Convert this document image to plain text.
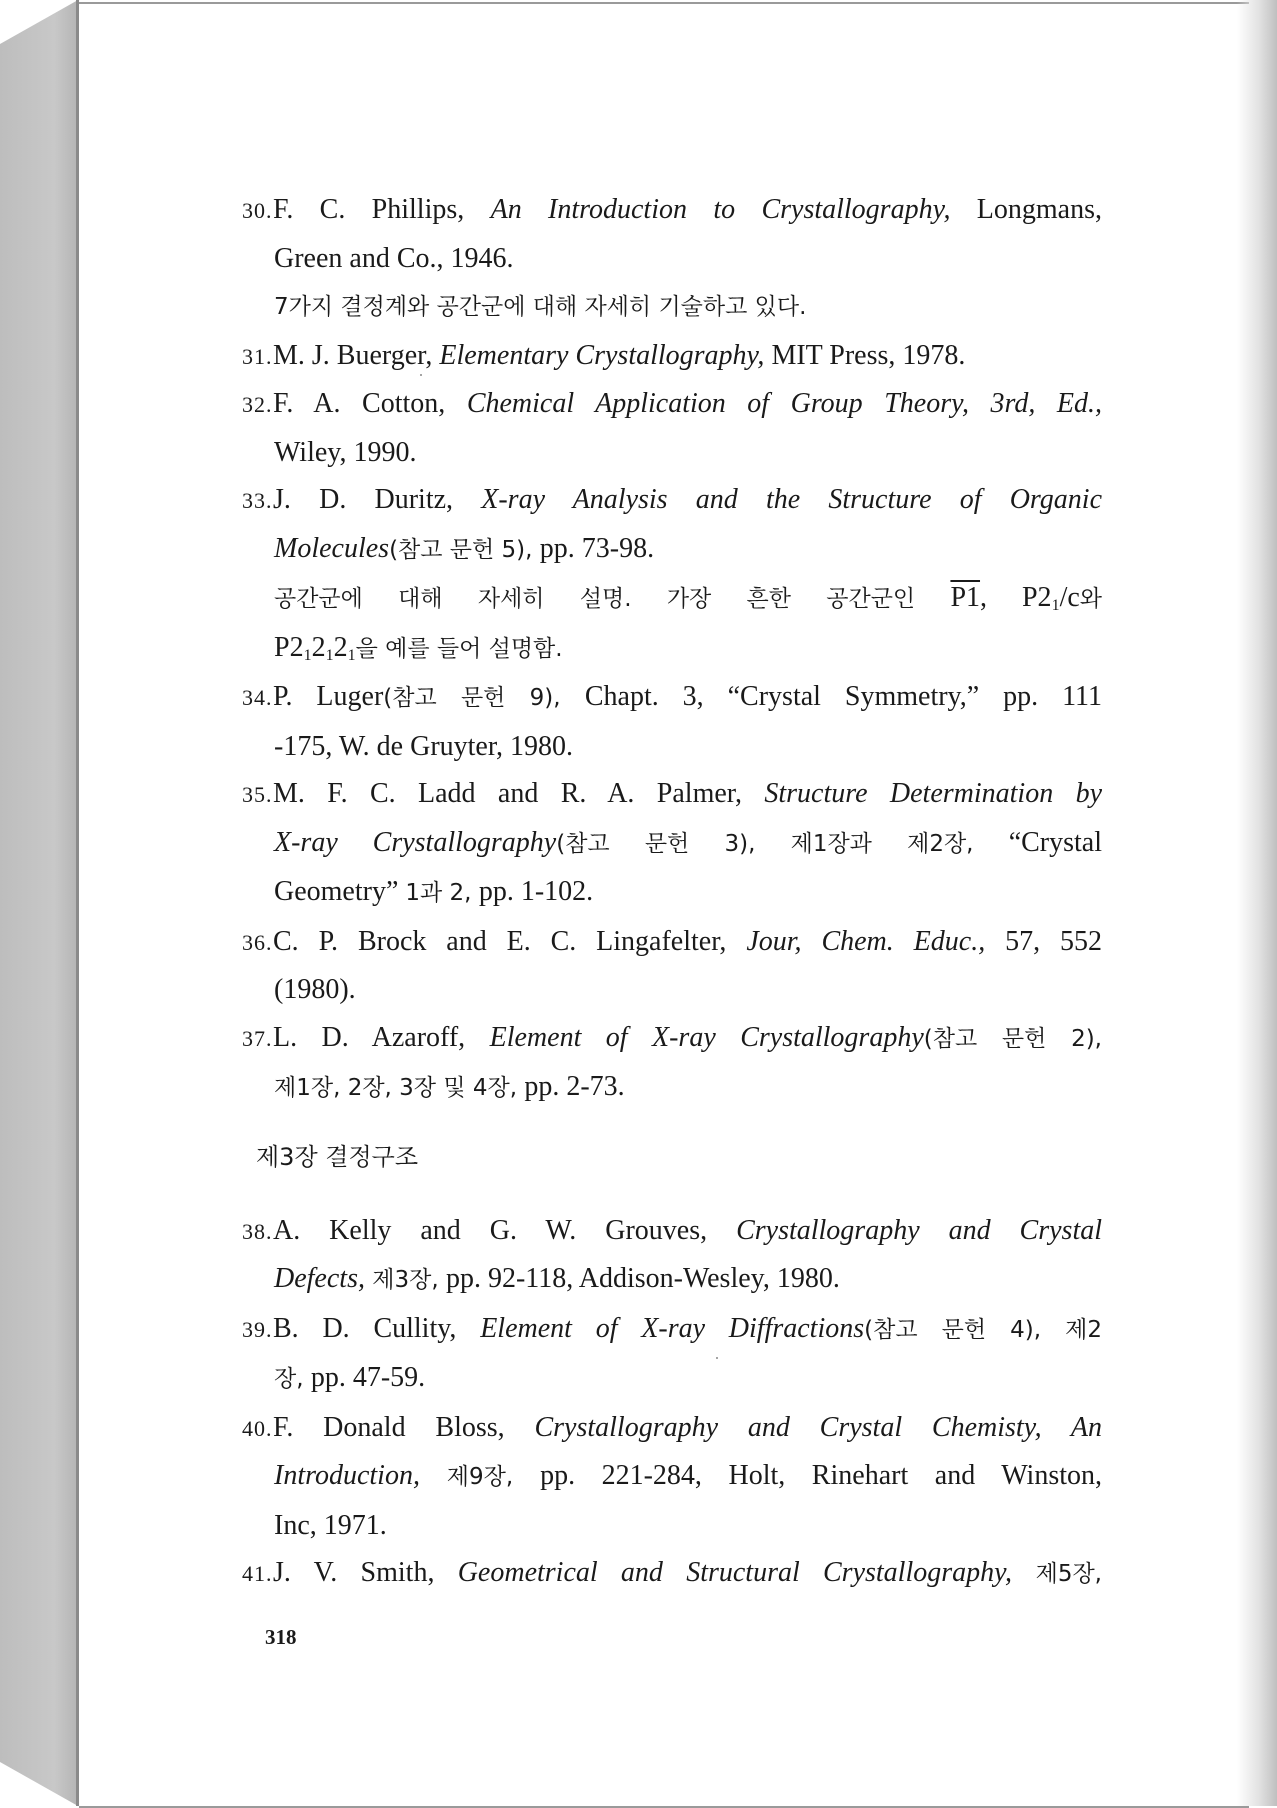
30.F. C. Phillips, An Introduction to Crystallography, Longmans,
Green and Co., 1946.
7가지 결정계와 공간군에 대해 자세히 기술하고 있다.
31.M. J. Buerger, Elementary Crystallography, MIT Press, 1978.
32.F. A. Cotton, Chemical Application of Group Theory, 3rd, Ed.,
Wiley, 1990.
33.J. D. Duritz, X-ray Analysis and the Structure of Organic
Molecules(참고 문헌 5), pp. 73-98.
공간군에 대해 자세히 설명. 가장 흔한 공간군인 P1, $P2_1/c$와
$P2_12_12_1$을 예를 들어 설명함.
34.P. Luger(참고 문헌 9), Chapt. 3, “Crystal Symmetry,” pp. 111
-175, W. de Gruyter, 1980.
35.M. F. C. Ladd and R. A. Palmer, Structure Determination by
X-ray Crystallography(참고 문헌 3), 제1장과 제2장, “Crystal
Geometry” 1과 2, pp. 1-102.
36.C. P. Brock and E. C. Lingafelter, Jour, Chem. Educ., 57, 552
(1980).
37.L. D. Azaroff, Element of X-ray Crystallography(참고 문헌 2),
제1장, 2장, 3장 및 4장, pp. 2-73.
제3장 결정구조
38.A. Kelly and G. W. Grouves, Crystallography and Crystal
Defects, 제3장, pp. 92-118, Addison-Wesley, 1980.
39.B. D. Cullity, Element of X-ray Diffractions(참고 문헌 4), 제2
장, pp. 47-59.
40.F. Donald Bloss, Crystallography and Crystal Chemisty, An
Introduction, 제9장, pp. 221-284, Holt, Rinehart and Winston,
Inc, 1971.
41.J. V. Smith, Geometrical and Structural Crystallography, 제5장,
318
